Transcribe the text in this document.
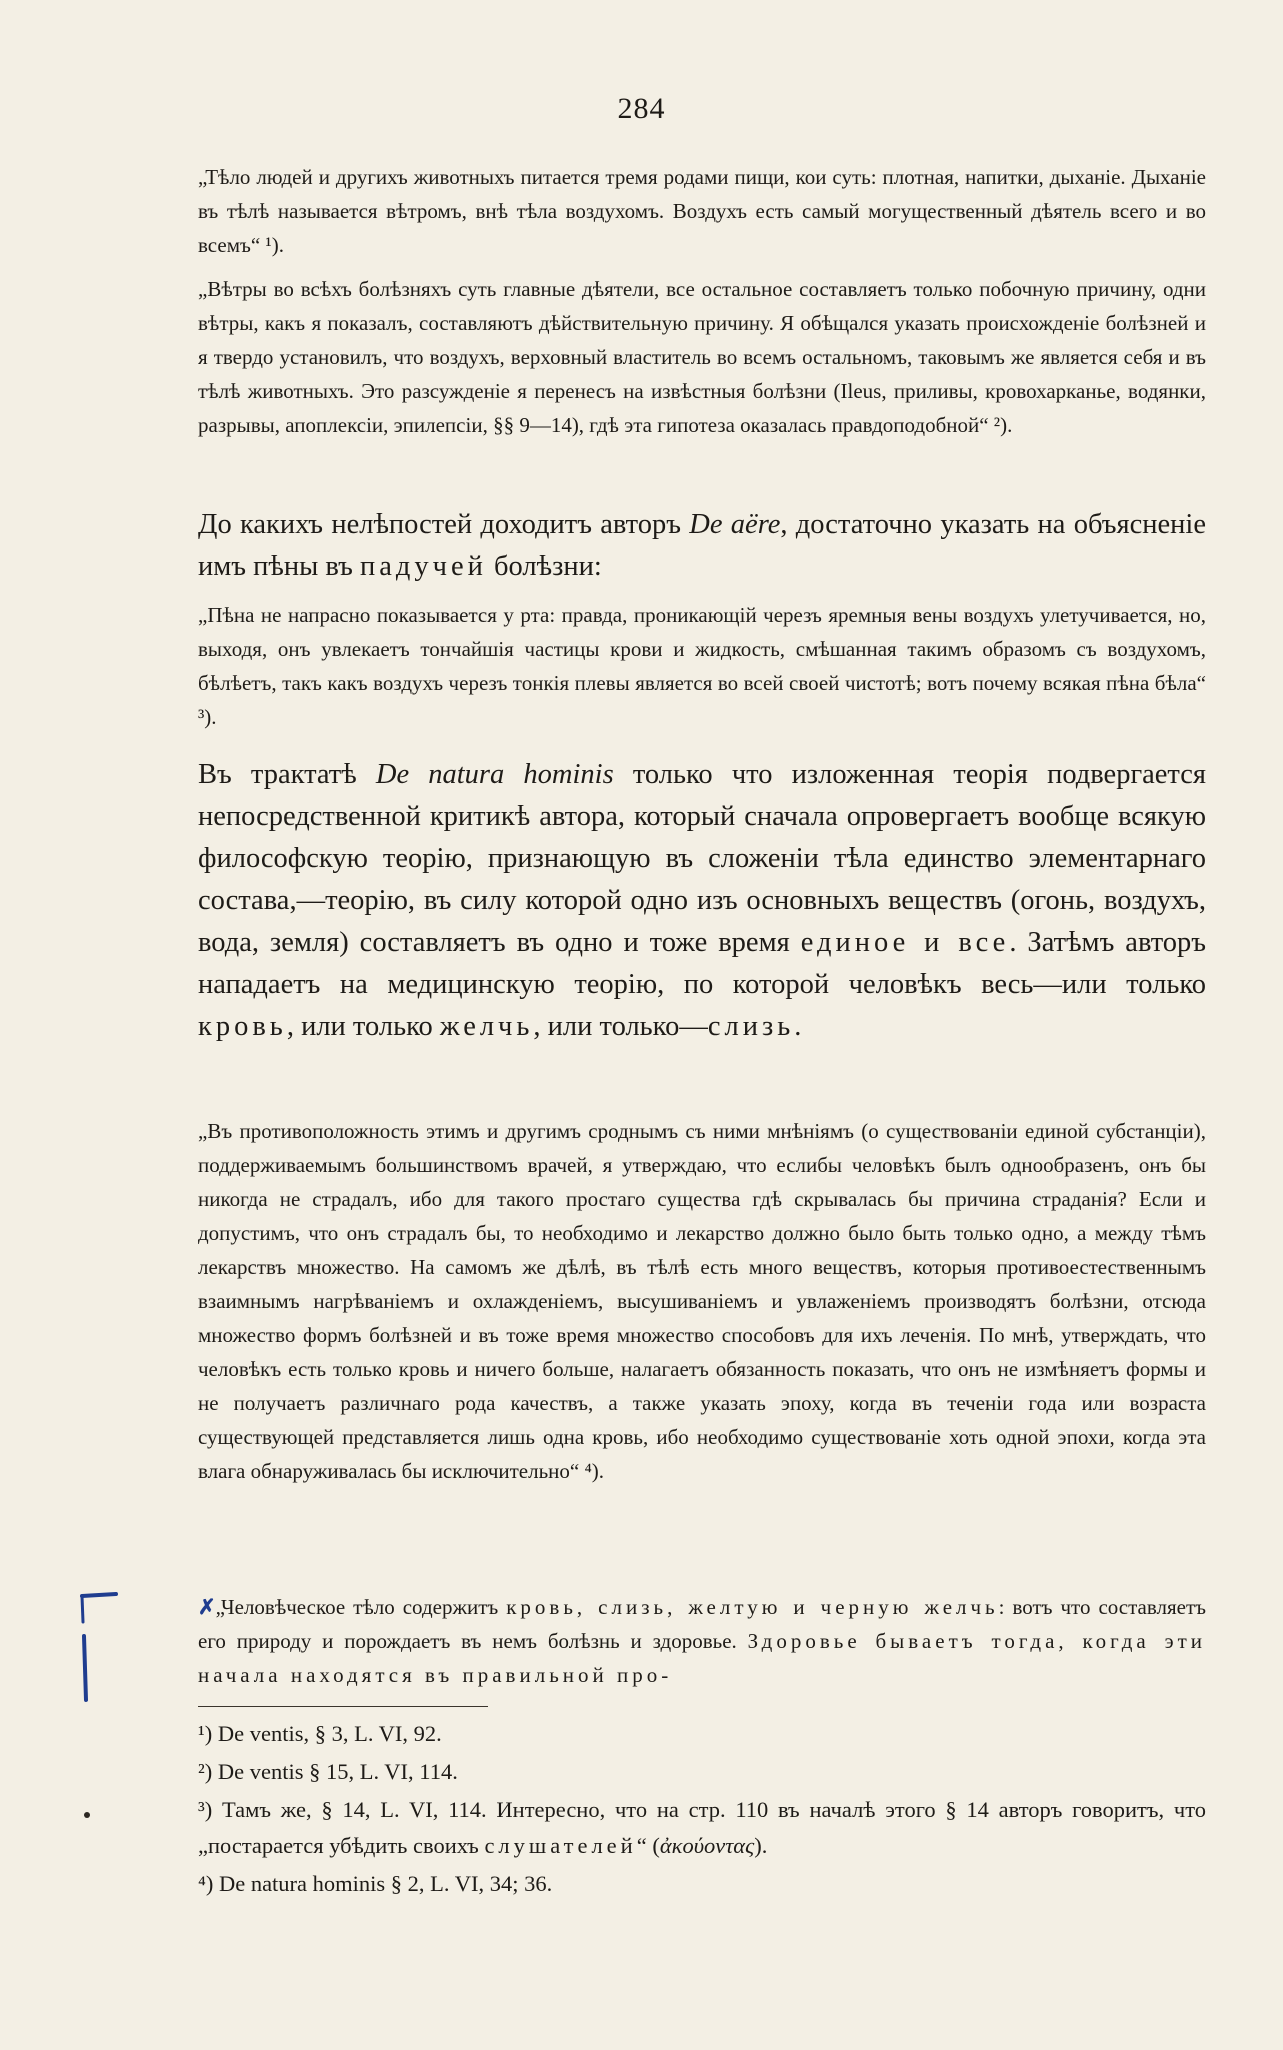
284

„Тѣло людей и другихъ животныхъ питается тремя родами пищи, кои суть: плотная, напитки, дыханіе. Дыханіе въ тѣлѣ называется вѣтромъ, внѣ тѣла воздухомъ. Воздухъ есть самый могущественный дѣятель всего и во всемъ“ ¹).

„Вѣтры во всѣхъ болѣзняхъ суть главные дѣятели, все остальное составляетъ только побочную причину, одни вѣтры, какъ я показалъ, составляютъ дѣйствительную причину. Я обѣщался указать происхожденіе болѣзней и я твердо установилъ, что воздухъ, верховный властитель во всемъ остальномъ, таковымъ же является себя и въ тѣлѣ животныхъ. Это разсужденіе я перенесъ на извѣстныя болѣзни (Ileus, приливы, кровохарканье, водянки, разрывы, апоплексіи, эпилепсіи, §§ 9—14), гдѣ эта гипотеза оказалась правдоподобной“ ²).

До какихъ нелѣпостей доходитъ авторъ De aëre, достаточно указать на объясненіе имъ пѣны въ падучей болѣзни:

„Пѣна не напрасно показывается у рта: правда, проникающій черезъ яремныя вены воздухъ улетучивается, но, выходя, онъ увлекаетъ тончайшія частицы крови и жидкость, смѣшанная такимъ образомъ съ воздухомъ, бѣлѣетъ, такъ какъ воздухъ черезъ тонкія плевы является во всей своей чистотѣ; вотъ почему всякая пѣна бѣла“ ³).

Въ трактатѣ De natura hominis только что изложенная теорія подвергается непосредственной критикѣ автора, который сначала опровергаетъ вообще всякую философскую теорію, признающую въ сложеніи тѣла единство элементарнаго состава,—теорію, въ силу которой одно изъ основныхъ веществъ (огонь, воздухъ, вода, земля) составляетъ въ одно и тоже время единое и все. Затѣмъ авторъ нападаетъ на медицинскую теорію, по которой человѣкъ весь—или только кровь, или только желчь, или только—слизь.

„Въ противоположность этимъ и другимъ сроднымъ съ ними мнѣніямъ (о существованіи единой субстанціи), поддерживаемымъ большинствомъ врачей, я утверждаю, что еслибы человѣкъ былъ однообразенъ, онъ бы никогда не страдалъ, ибо для такого простаго существа гдѣ скрывалась бы причина страданія? Если и допустимъ, что онъ страдалъ бы, то необходимо и лекарство должно было быть только одно, а между тѣмъ лекарствъ множество. На самомъ же дѣлѣ, въ тѣлѣ есть много веществъ, которыя противоестественнымъ взаимнымъ нагрѣваніемъ и охлажденіемъ, высушиваніемъ и увлаженіемъ производятъ болѣзни, отсюда множество формъ болѣзней и въ тоже время множество способовъ для ихъ леченія. По мнѣ, утверждать, что человѣкъ есть только кровь и ничего больше, налагаетъ обязанность показать, что онъ не измѣняетъ формы и не получаетъ различнаго рода качествъ, а также указать эпоху, когда въ теченіи года или возраста существующей представляется лишь одна кровь, ибо необходимо существованіе хоть одной эпохи, когда эта влага обнаруживалась бы исключительно“ ⁴).

✗„Человѣческое тѣло содержитъ кровь, слизь, желтую и черную желчь: вотъ что составляетъ его природу и порождаетъ въ немъ болѣзнь и здоровье. Здоровье бываетъ тогда, когда эти начала находятся въ правильной про-

¹) De ventis, § 3, L. VI, 92.

²) De ventis § 15, L. VI, 114.

³) Тамъ же, § 14, L. VI, 114. Интересно, что на стр. 110 въ началѣ этого § 14 авторъ говоритъ, что „постарается убѣдить своихъ слушателей“ (ἀκούοντας).

⁴) De natura hominis § 2, L. VI, 34; 36.
